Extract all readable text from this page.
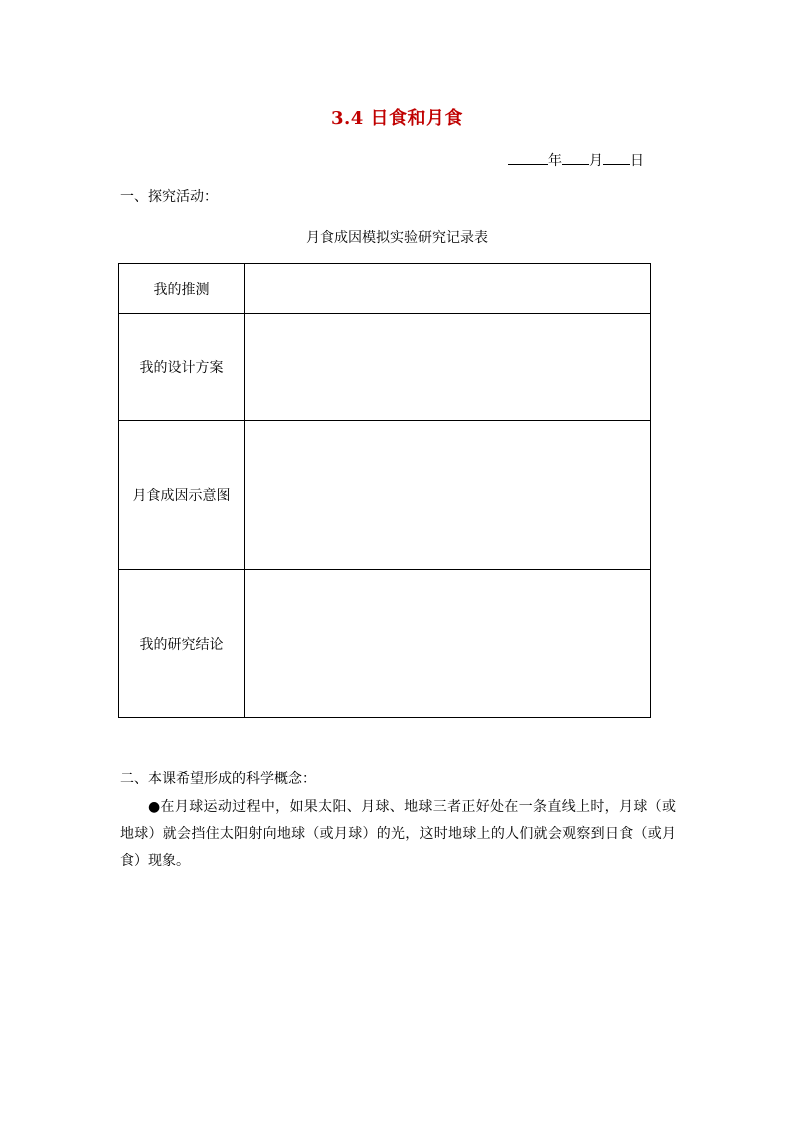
3.4 日食和月食
年 月 日
一、探究活动：
月食成因模拟实验研究记录表
我的推测	
我的设计方案	
月食成因示意图	
我的研究结论	
二、本课希望形成的科学概念：
●在月球运动过程中，如果太阳、月球、地球三者正好处在一条直线上时，月球（或地球）就会挡住太阳射向地球（或月球）的光，这时地球上的人们就会观察到日食（或月食）现象。
